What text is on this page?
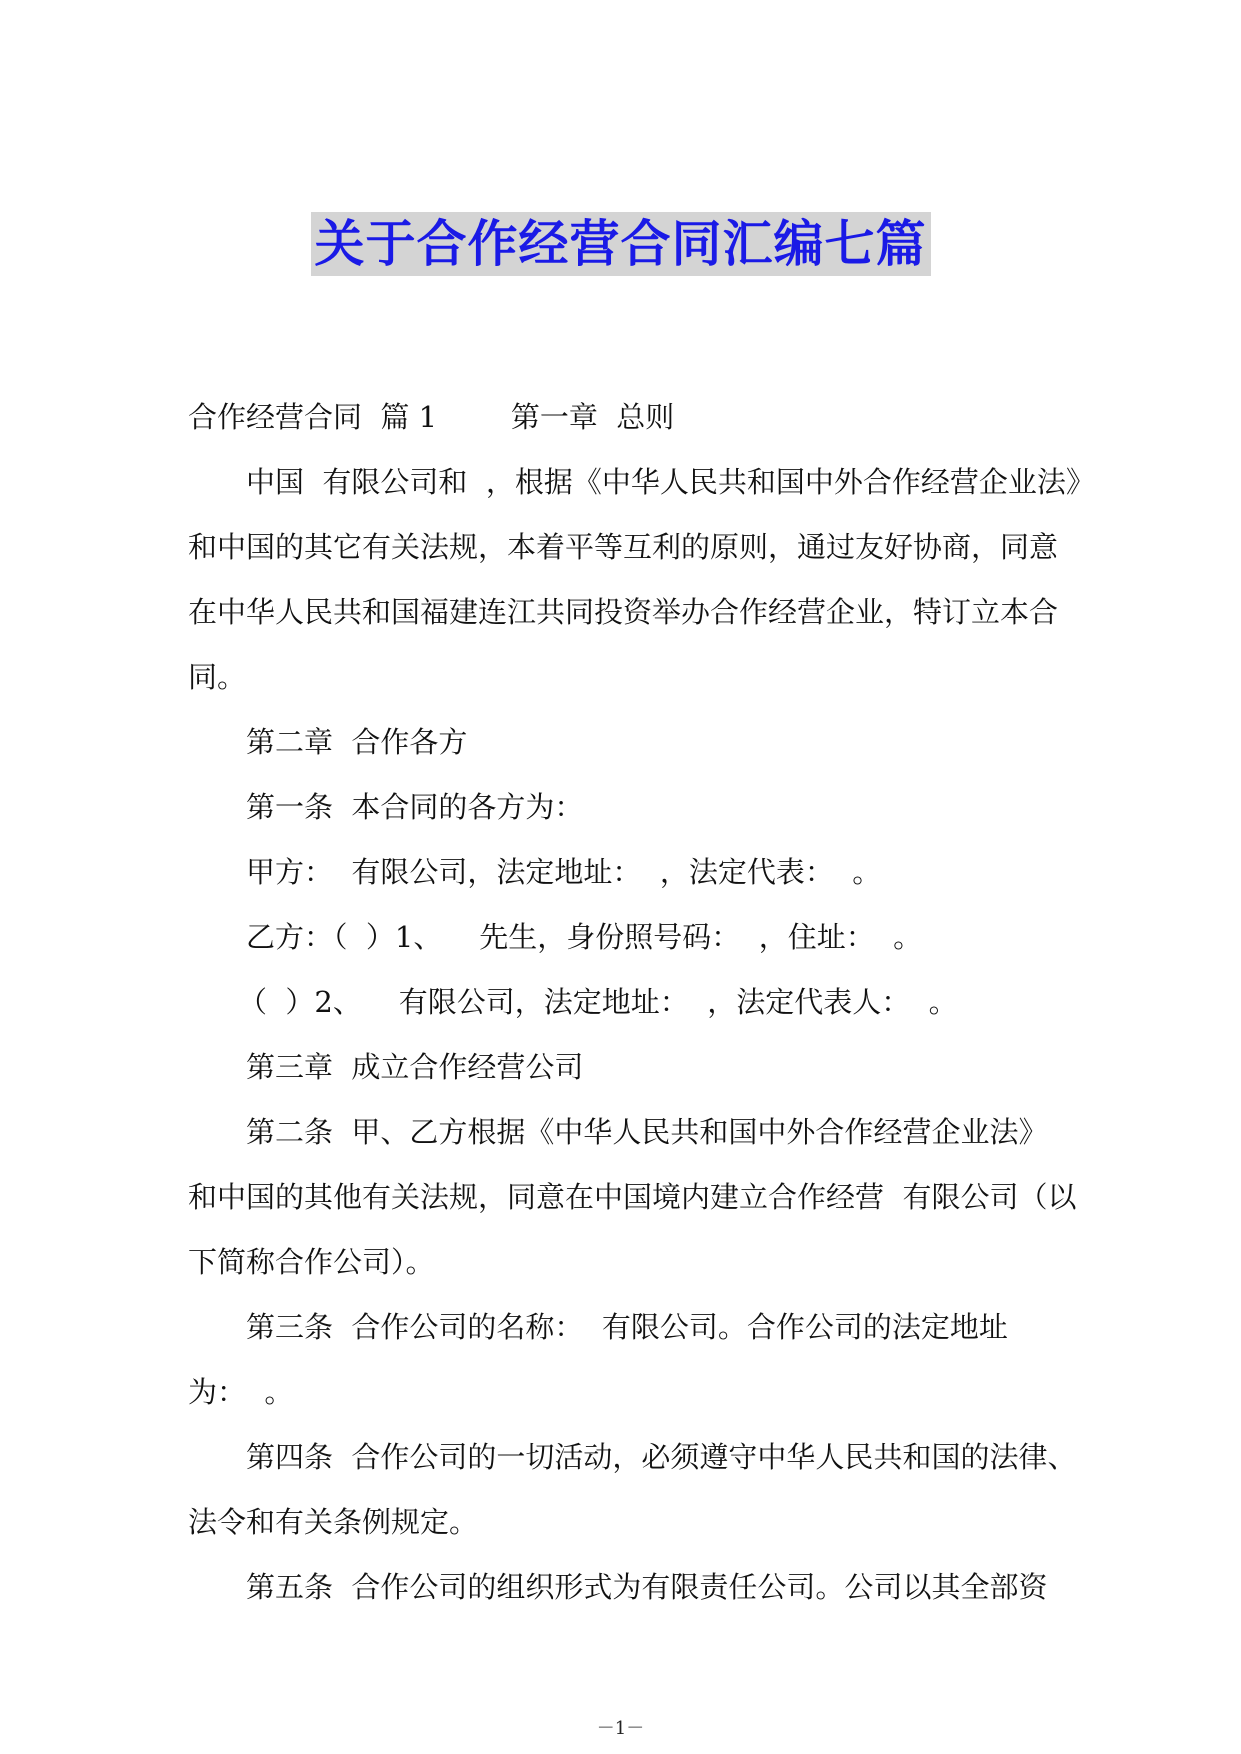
关于合作经营合同汇编七篇

合作经营合同  篇 1        第一章  总则

中国  有限公司和  ，根据《中华人民共和国中外合作经营企业法》

和中国的其它有关法规，本着平等互利的原则，通过友好协商，同意

在中华人民共和国福建连江共同投资举办合作经营企业，特订立本合

同。

第二章  合作各方

第一条  本合同的各方为：

甲方：  有限公司，法定地址：  ，法定代表：  。

乙方：（  ）1、    先生，身份照号码：  ，住址：  。

（  ）2、    有限公司，法定地址：  ，法定代表人：  。

第三章  成立合作经营公司

第二条  甲、乙方根据《中华人民共和国中外合作经营企业法》

和中国的其他有关法规，同意在中国境内建立合作经营  有限公司（以

下简称合作公司）。

第三条  合作公司的名称：  有限公司。合作公司的法定地址

为：  。

第四条  合作公司的一切活动，必须遵守中华人民共和国的法律、

法令和有关条例规定。

第五条  合作公司的组织形式为有限责任公司。公司以其全部资

－1－
